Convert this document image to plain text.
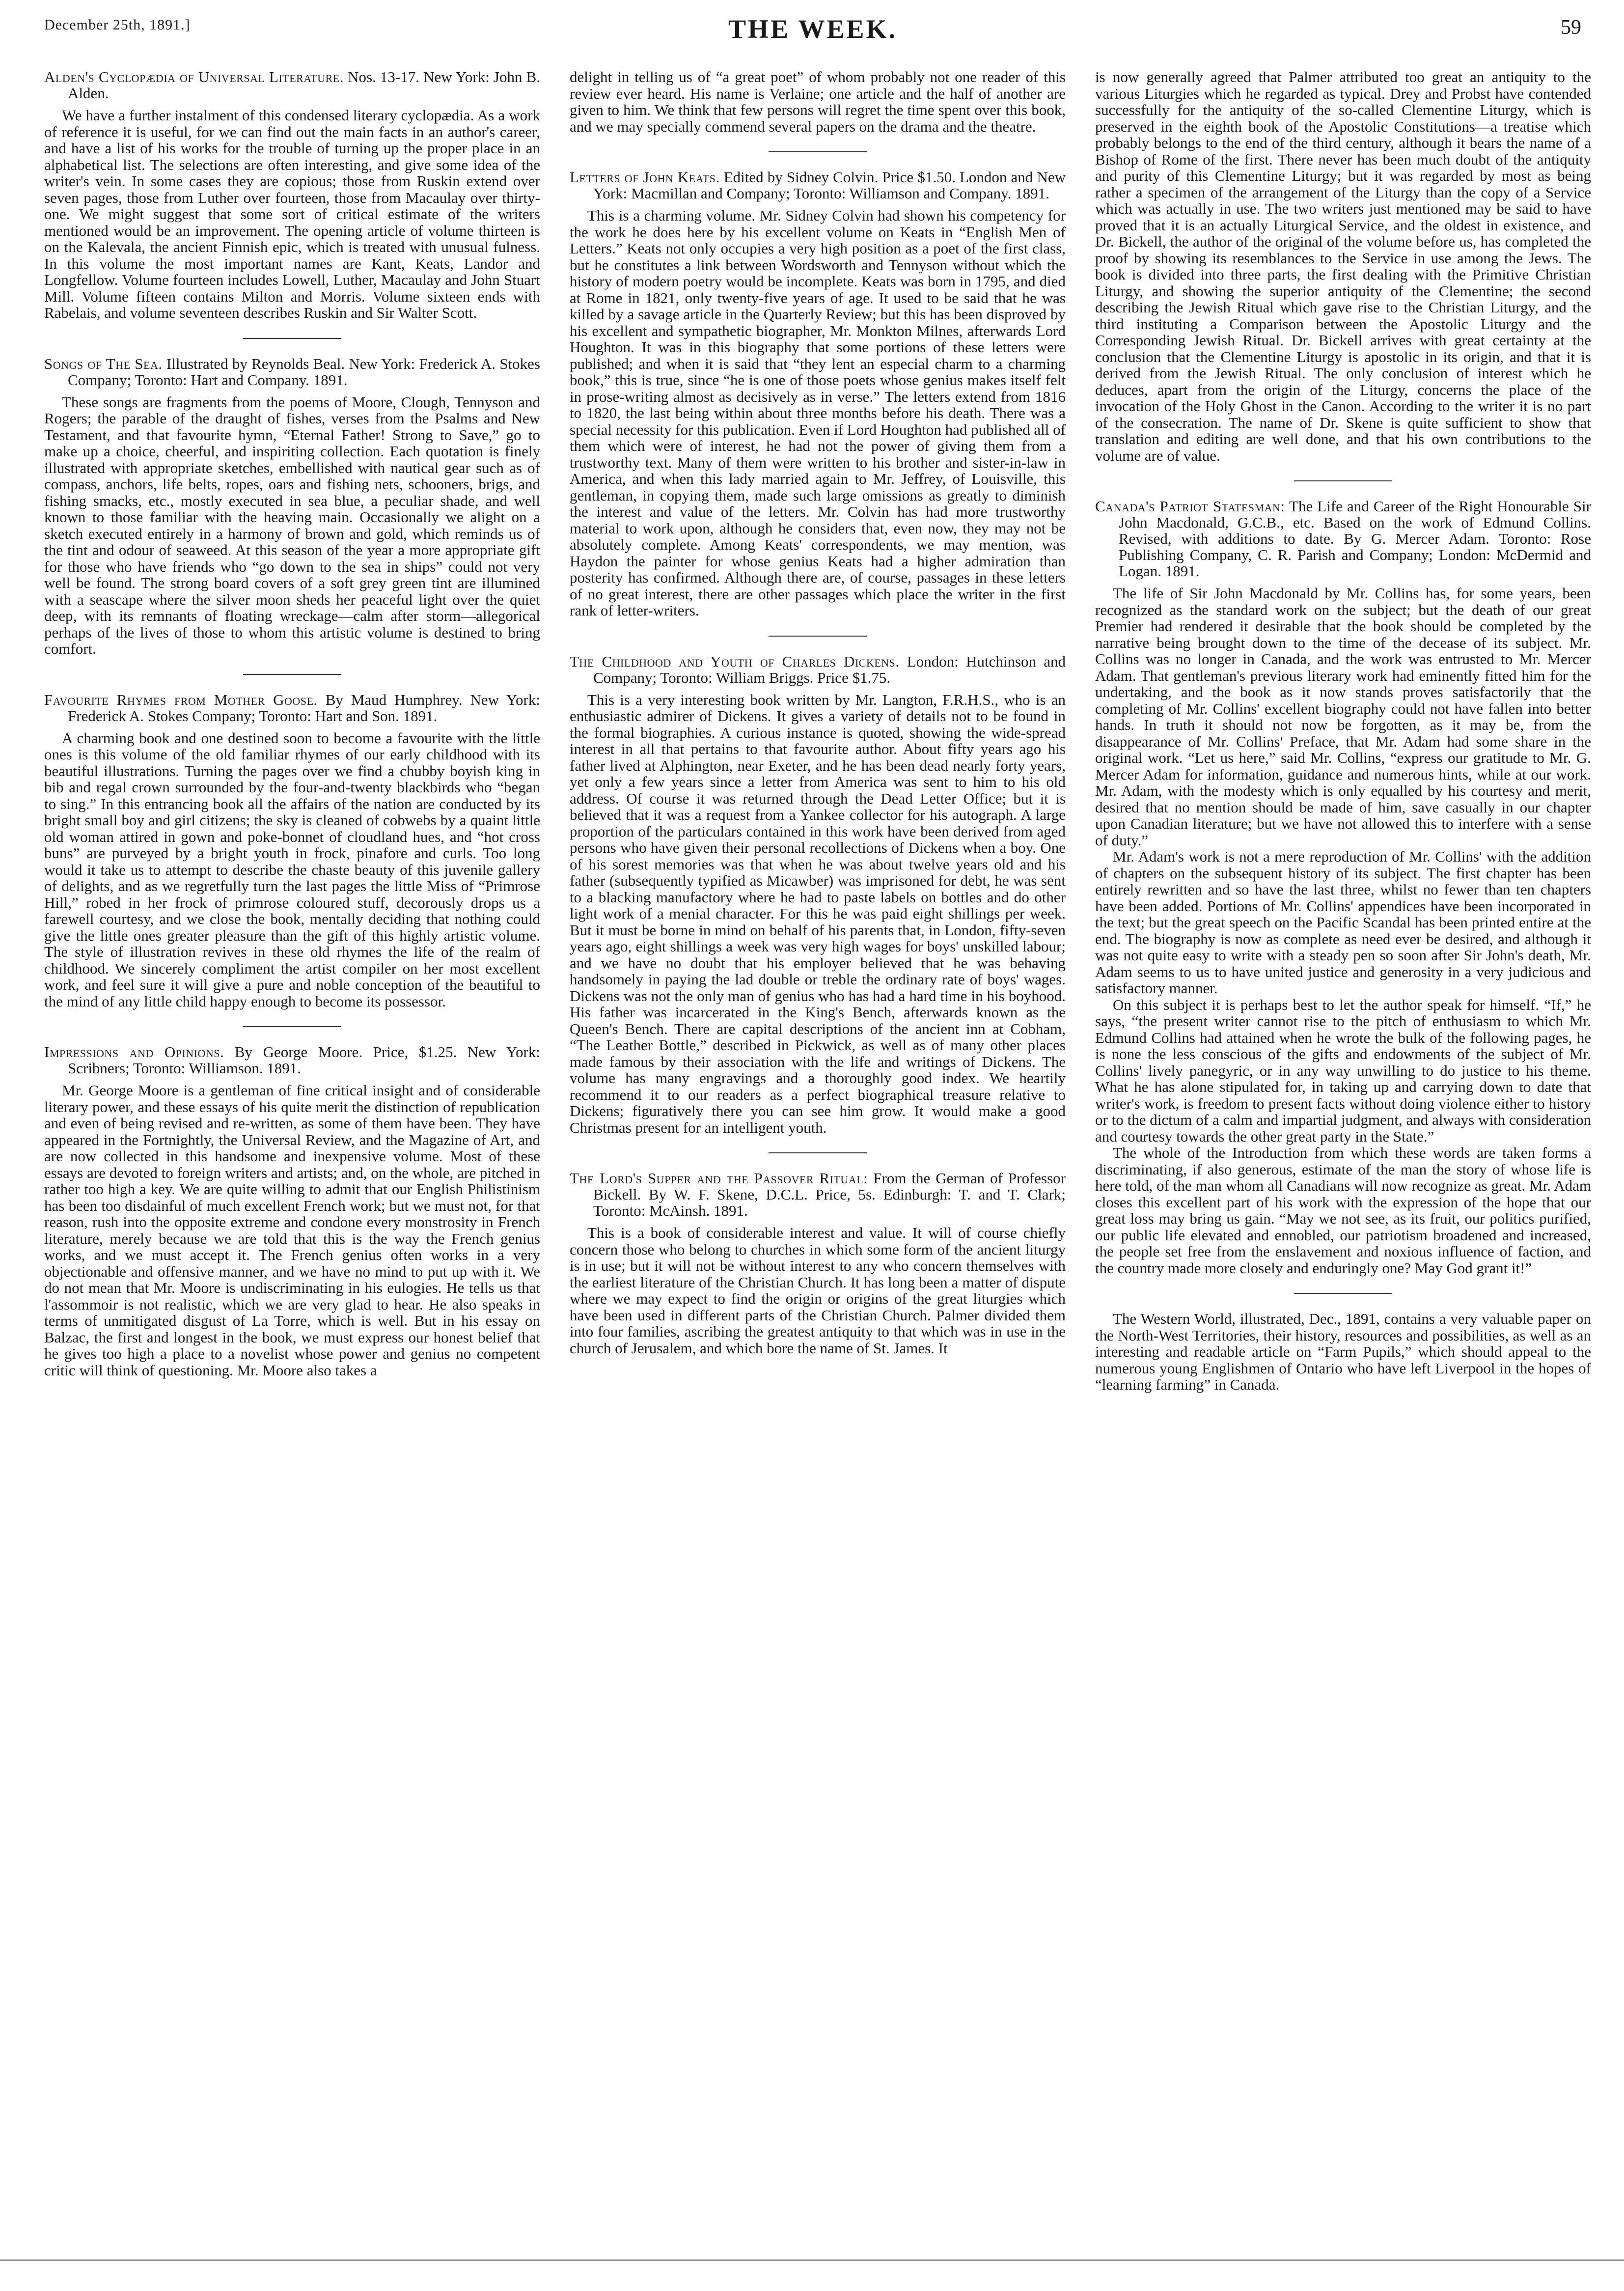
December 25th, 1891.]	THE WEEK.	59

Alden's Cyclopædia of Universal Literature. Nos. 13-17. New York: John B. Alden.

We have a further instalment of this condensed literary cyclopædia. As a work of reference it is useful, for we can find out the main facts in an author's career, and have a list of his works for the trouble of turning up the proper place in an alphabetical list. The selections are often interesting, and give some idea of the writer's vein. In some cases they are copious; those from Ruskin extend over seven pages, those from Luther over fourteen, those from Macaulay over thirty-one. We might suggest that some sort of critical estimate of the writers mentioned would be an improvement. The opening article of volume thirteen is on the Kalevala, the ancient Finnish epic, which is treated with unusual fulness. In this volume the most important names are Kant, Keats, Landor and Longfellow. Volume fourteen includes Lowell, Luther, Macaulay and John Stuart Mill. Volume fifteen contains Milton and Morris. Volume sixteen ends with Rabelais, and volume seventeen describes Ruskin and Sir Walter Scott.

Songs of The Sea. Illustrated by Reynolds Beal. New York: Frederick A. Stokes Company; Toronto: Hart and Company. 1891.

These songs are fragments from the poems of Moore, Clough, Tennyson and Rogers; the parable of the draught of fishes, verses from the Psalms and New Testament, and that favourite hymn, “Eternal Father! Strong to Save,” go to make up a choice, cheerful, and inspiriting collection. Each quotation is finely illustrated with appropriate sketches, embellished with nautical gear such as of compass, anchors, life belts, ropes, oars and fishing nets, schooners, brigs, and fishing smacks, etc., mostly executed in sea blue, a peculiar shade, and well known to those familiar with the heaving main. Occasionally we alight on a sketch executed entirely in a harmony of brown and gold, which reminds us of the tint and odour of seaweed. At this season of the year a more appropriate gift for those who have friends who “go down to the sea in ships” could not very well be found. The strong board covers of a soft grey green tint are illumined with a seascape where the silver moon sheds her peaceful light over the quiet deep, with its remnants of floating wreckage—calm after storm—allegorical perhaps of the lives of those to whom this artistic volume is destined to bring comfort.

Favourite Rhymes from Mother Goose. By Maud Humphrey. New York: Frederick A. Stokes Company; Toronto: Hart and Son. 1891.

A charming book and one destined soon to become a favourite with the little ones is this volume of the old familiar rhymes of our early childhood with its beautiful illustrations. Turning the pages over we find a chubby boyish king in bib and regal crown surrounded by the four-and-twenty blackbirds who “began to sing.” In this entrancing book all the affairs of the nation are conducted by its bright small boy and girl citizens; the sky is cleaned of cobwebs by a quaint little old woman attired in gown and poke-bonnet of cloudland hues, and “hot cross buns” are purveyed by a bright youth in frock, pinafore and curls. Too long would it take us to attempt to describe the chaste beauty of this juvenile gallery of delights, and as we regretfully turn the last pages the little Miss of “Primrose Hill,” robed in her frock of primrose coloured stuff, decorously drops us a farewell courtesy, and we close the book, mentally deciding that nothing could give the little ones greater pleasure than the gift of this highly artistic volume. The style of illustration revives in these old rhymes the life of the realm of childhood. We sincerely compliment the artist compiler on her most excellent work, and feel sure it will give a pure and noble conception of the beautiful to the mind of any little child happy enough to become its possessor.

Impressions and Opinions. By George Moore. Price, $1.25. New York: Scribners; Toronto: Williamson. 1891.

Mr. George Moore is a gentleman of fine critical insight and of considerable literary power, and these essays of his quite merit the distinction of republication and even of being revised and re-written, as some of them have been. They have appeared in the Fortnightly, the Universal Review, and the Magazine of Art, and are now collected in this handsome and inexpensive volume. Most of these essays are devoted to foreign writers and artists; and, on the whole, are pitched in rather too high a key. We are quite willing to admit that our English Philistinism has been too disdainful of much excellent French work; but we must not, for that reason, rush into the opposite extreme and condone every monstrosity in French literature, merely because we are told that this is the way the French genius works, and we must accept it. The French genius often works in a very objectionable and offensive manner, and we have no mind to put up with it. We do not mean that Mr. Moore is undiscriminating in his eulogies. He tells us that l'assommoir is not realistic, which we are very glad to hear. He also speaks in terms of unmitigated disgust of La Torre, which is well. But in his essay on Balzac, the first and longest in the book, we must express our honest belief that he gives too high a place to a novelist whose power and genius no competent critic will think of questioning. Mr. Moore also takes a

delight in telling us of “a great poet” of whom probably not one reader of this review ever heard. His name is Verlaine; one article and the half of another are given to him. We think that few persons will regret the time spent over this book, and we may specially commend several papers on the drama and the theatre.

Letters of John Keats. Edited by Sidney Colvin. Price $1.50. London and New York: Macmillan and Company; Toronto: Williamson and Company. 1891.

This is a charming volume. Mr. Sidney Colvin had shown his competency for the work he does here by his excellent volume on Keats in “English Men of Letters.” Keats not only occupies a very high position as a poet of the first class, but he constitutes a link between Wordsworth and Tennyson without which the history of modern poetry would be incomplete. Keats was born in 1795, and died at Rome in 1821, only twenty-five years of age. It used to be said that he was killed by a savage article in the Quarterly Review; but this has been disproved by his excellent and sympathetic biographer, Mr. Monkton Milnes, afterwards Lord Houghton. It was in this biography that some portions of these letters were published; and when it is said that “they lent an especial charm to a charming book,” this is true, since “he is one of those poets whose genius makes itself felt in prose-writing almost as decisively as in verse.” The letters extend from 1816 to 1820, the last being within about three months before his death. There was a special necessity for this publication. Even if Lord Houghton had published all of them which were of interest, he had not the power of giving them from a trustworthy text. Many of them were written to his brother and sister-in-law in America, and when this lady married again to Mr. Jeffrey, of Louisville, this gentleman, in copying them, made such large omissions as greatly to diminish the interest and value of the letters. Mr. Colvin has had more trustworthy material to work upon, although he considers that, even now, they may not be absolutely complete. Among Keats' correspondents, we may mention, was Haydon the painter for whose genius Keats had a higher admiration than posterity has confirmed. Although there are, of course, passages in these letters of no great interest, there are other passages which place the writer in the first rank of letter-writers.

The Childhood and Youth of Charles Dickens. London: Hutchinson and Company; Toronto: William Briggs. Price $1.75.

This is a very interesting book written by Mr. Langton, F.R.H.S., who is an enthusiastic admirer of Dickens. It gives a variety of details not to be found in the formal biographies. A curious instance is quoted, showing the wide-spread interest in all that pertains to that favourite author. About fifty years ago his father lived at Alphington, near Exeter, and he has been dead nearly forty years, yet only a few years since a letter from America was sent to him to his old address. Of course it was returned through the Dead Letter Office; but it is believed that it was a request from a Yankee collector for his autograph. A large proportion of the particulars contained in this work have been derived from aged persons who have given their personal recollections of Dickens when a boy. One of his sorest memories was that when he was about twelve years old and his father (subsequently typified as Micawber) was imprisoned for debt, he was sent to a blacking manufactory where he had to paste labels on bottles and do other light work of a menial character. For this he was paid eight shillings per week. But it must be borne in mind on behalf of his parents that, in London, fifty-seven years ago, eight shillings a week was very high wages for boys' unskilled labour; and we have no doubt that his employer believed that he was behaving handsomely in paying the lad double or treble the ordinary rate of boys' wages. Dickens was not the only man of genius who has had a hard time in his boyhood. His father was incarcerated in the King's Bench, afterwards known as the Queen's Bench. There are capital descriptions of the ancient inn at Cobham, “The Leather Bottle,” described in Pickwick, as well as of many other places made famous by their association with the life and writings of Dickens. The volume has many engravings and a thoroughly good index. We heartily recommend it to our readers as a perfect biographical treasure relative to Dickens; figuratively there you can see him grow. It would make a good Christmas present for an intelligent youth.

The Lord's Supper and the Passover Ritual: From the German of Professor Bickell. By W. F. Skene, D.C.L. Price, 5s. Edinburgh: T. and T. Clark; Toronto: McAinsh. 1891.

This is a book of considerable interest and value. It will of course chiefly concern those who belong to churches in which some form of the ancient liturgy is in use; but it will not be without interest to any who concern themselves with the earliest literature of the Christian Church. It has long been a matter of dispute where we may expect to find the origin or origins of the great liturgies which have been used in different parts of the Christian Church. Palmer divided them into four families, ascribing the greatest antiquity to that which was in use in the church of Jerusalem, and which bore the name of St. James. It

is now generally agreed that Palmer attributed too great an antiquity to the various Liturgies which he regarded as typical. Drey and Probst have contended successfully for the antiquity of the so-called Clementine Liturgy, which is preserved in the eighth book of the Apostolic Constitutions—a treatise which probably belongs to the end of the third century, although it bears the name of a Bishop of Rome of the first. There never has been much doubt of the antiquity and purity of this Clementine Liturgy; but it was regarded by most as being rather a specimen of the arrangement of the Liturgy than the copy of a Service which was actually in use. The two writers just mentioned may be said to have proved that it is an actually Liturgical Service, and the oldest in existence, and Dr. Bickell, the author of the original of the volume before us, has completed the proof by showing its resemblances to the Service in use among the Jews. The book is divided into three parts, the first dealing with the Primitive Christian Liturgy, and showing the superior antiquity of the Clementine; the second describing the Jewish Ritual which gave rise to the Christian Liturgy, and the third instituting a Comparison between the Apostolic Liturgy and the Corresponding Jewish Ritual. Dr. Bickell arrives with great certainty at the conclusion that the Clementine Liturgy is apostolic in its origin, and that it is derived from the Jewish Ritual. The only conclusion of interest which he deduces, apart from the origin of the Liturgy, concerns the place of the invocation of the Holy Ghost in the Canon. According to the writer it is no part of the consecration. The name of Dr. Skene is quite sufficient to show that translation and editing are well done, and that his own contributions to the volume are of value.

Canada's Patriot Statesman: The Life and Career of the Right Honourable Sir John Macdonald, G.C.B., etc. Based on the work of Edmund Collins. Revised, with additions to date. By G. Mercer Adam. Toronto: Rose Publishing Company, C. R. Parish and Company; London: McDermid and Logan. 1891.

The life of Sir John Macdonald by Mr. Collins has, for some years, been recognized as the standard work on the subject; but the death of our great Premier had rendered it desirable that the book should be completed by the narrative being brought down to the time of the decease of its subject. Mr. Collins was no longer in Canada, and the work was entrusted to Mr. Mercer Adam. That gentleman's previous literary work had eminently fitted him for the undertaking, and the book as it now stands proves satisfactorily that the completing of Mr. Collins' excellent biography could not have fallen into better hands. In truth it should not now be forgotten, as it may be, from the disappearance of Mr. Collins' Preface, that Mr. Adam had some share in the original work. “Let us here,” said Mr. Collins, “express our gratitude to Mr. G. Mercer Adam for information, guidance and numerous hints, while at our work. Mr. Adam, with the modesty which is only equalled by his courtesy and merit, desired that no mention should be made of him, save casually in our chapter upon Canadian literature; but we have not allowed this to interfere with a sense of duty.”

Mr. Adam's work is not a mere reproduction of Mr. Collins' with the addition of chapters on the subsequent history of its subject. The first chapter has been entirely rewritten and so have the last three, whilst no fewer than ten chapters have been added. Portions of Mr. Collins' appendices have been incorporated in the text; but the great speech on the Pacific Scandal has been printed entire at the end. The biography is now as complete as need ever be desired, and although it was not quite easy to write with a steady pen so soon after Sir John's death, Mr. Adam seems to us to have united justice and generosity in a very judicious and satisfactory manner.

On this subject it is perhaps best to let the author speak for himself. “If,” he says, “the present writer cannot rise to the pitch of enthusiasm to which Mr. Edmund Collins had attained when he wrote the bulk of the following pages, he is none the less conscious of the gifts and endowments of the subject of Mr. Collins' lively panegyric, or in any way unwilling to do justice to his theme. What he has alone stipulated for, in taking up and carrying down to date that writer's work, is freedom to present facts without doing violence either to history or to the dictum of a calm and impartial judgment, and always with consideration and courtesy towards the other great party in the State.”

The whole of the Introduction from which these words are taken forms a discriminating, if also generous, estimate of the man the story of whose life is here told, of the man whom all Canadians will now recognize as great. Mr. Adam closes this excellent part of his work with the expression of the hope that our great loss may bring us gain. “May we not see, as its fruit, our politics purified, our public life elevated and ennobled, our patriotism broadened and increased, the people set free from the enslavement and noxious influence of faction, and the country made more closely and enduringly one? May God grant it!”

The Western World, illustrated, Dec., 1891, contains a very valuable paper on the North-West Territories, their history, resources and possibilities, as well as an interesting and readable article on “Farm Pupils,” which should appeal to the numerous young Englishmen of Ontario who have left Liverpool in the hopes of “learning farming” in Canada.
